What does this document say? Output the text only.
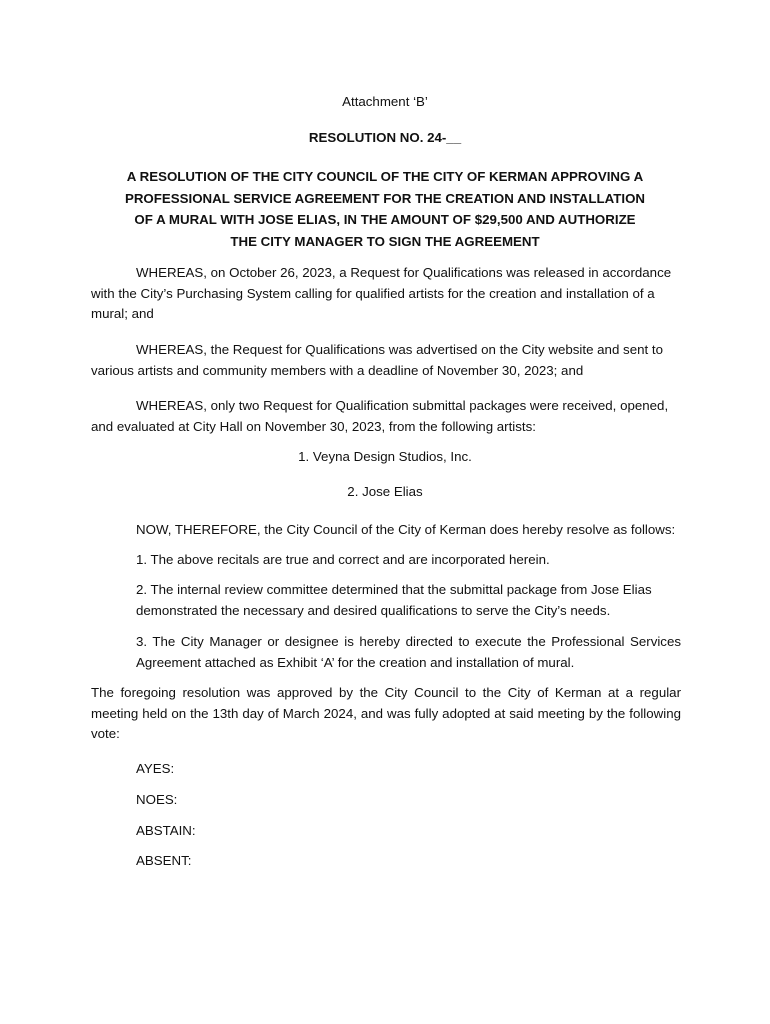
Attachment ‘B’
RESOLUTION NO. 24-__
A RESOLUTION OF THE CITY COUNCIL OF THE CITY OF KERMAN APPROVING A PROFESSIONAL SERVICE AGREEMENT FOR THE CREATION AND INSTALLATION OF A MURAL WITH JOSE ELIAS, IN THE AMOUNT OF $29,500 AND AUTHORIZE THE CITY MANAGER TO SIGN THE AGREEMENT
WHEREAS, on October 26, 2023, a Request for Qualifications was released in accordance with the City’s Purchasing System calling for qualified artists for the creation and installation of a mural; and
WHEREAS, the Request for Qualifications was advertised on the City website and sent to various artists and community members with a deadline of November 30, 2023; and
WHEREAS, only two Request for Qualification submittal packages were received, opened, and evaluated at City Hall on November 30, 2023, from the following artists:
1. Veyna Design Studios, Inc.
2. Jose Elias
NOW, THEREFORE, the City Council of the City of Kerman does hereby resolve as follows:
1. The above recitals are true and correct and are incorporated herein.
2. The internal review committee determined that the submittal package from Jose Elias demonstrated the necessary and desired qualifications to serve the City’s needs.
3. The City Manager or designee is hereby directed to execute the Professional Services Agreement attached as Exhibit ‘A’ for the creation and installation of mural.
The foregoing resolution was approved by the City Council to the City of Kerman at a regular meeting held on the 13th day of March 2024, and was fully adopted at said meeting by the following vote:
AYES:
NOES:
ABSTAIN:
ABSENT:
